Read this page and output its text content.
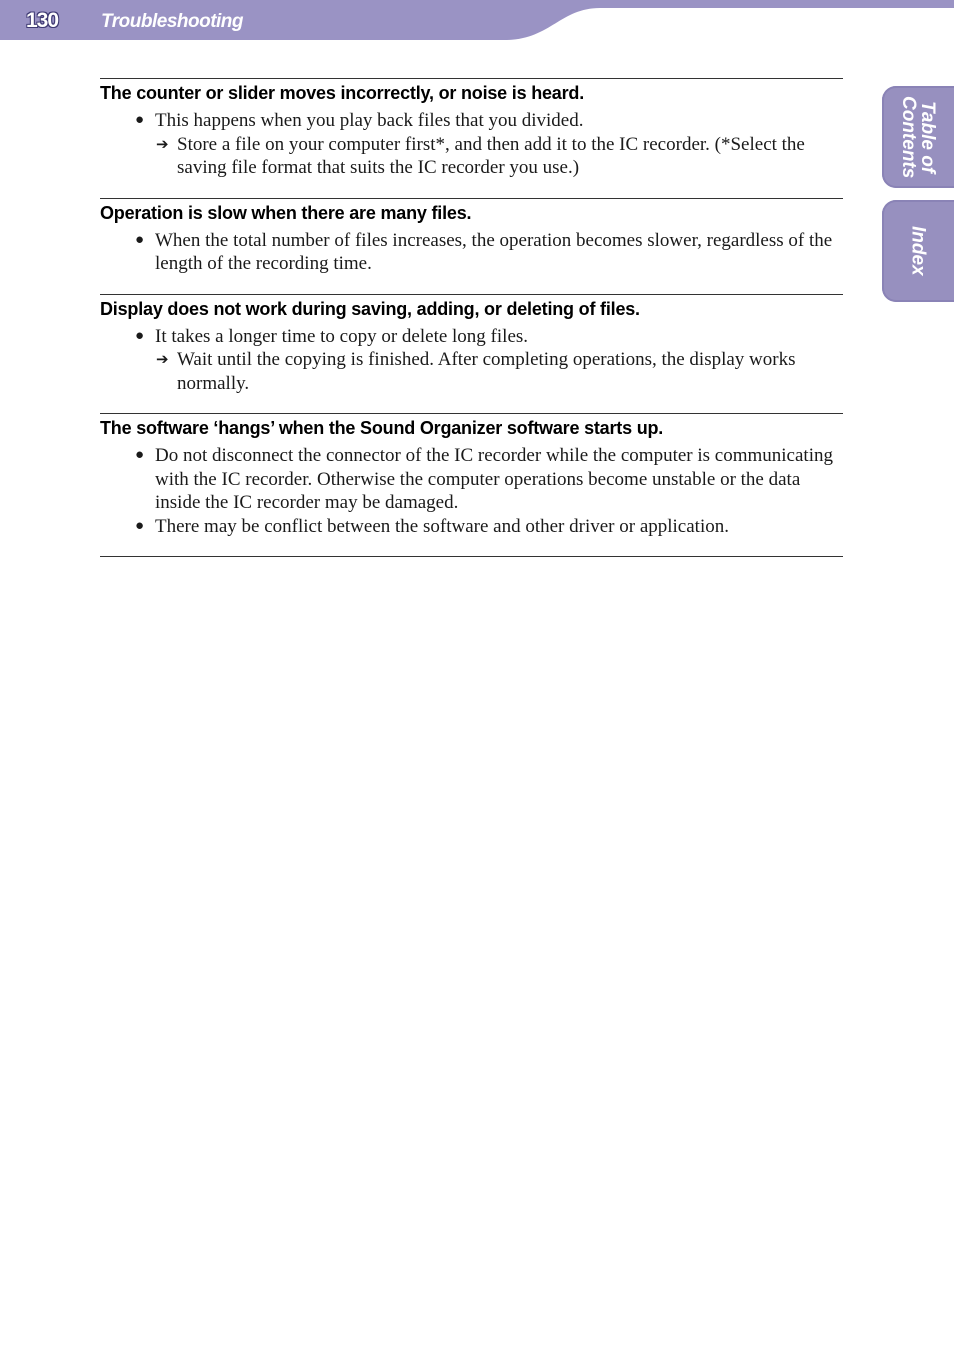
130 Troubleshooting
Table of
Contents
Index
The counter or slider moves incorrectly, or noise is heard.
● This happens when you play back files that you divided.
➔ Store a file on your computer first*, and then add it to the IC recorder. (*Select the saving file format that suits the IC recorder you use.)
Operation is slow when there are many files.
● When the total number of files increases, the operation becomes slower, regardless of the length of the recording time.
Display does not work during saving, adding, or deleting of files.
● It takes a longer time to copy or delete long files.
➔ Wait until the copying is finished. After completing operations, the display works normally.
The software ‘hangs’ when the Sound Organizer software starts up.
● Do not disconnect the connector of the IC recorder while the computer is communicating with the IC recorder. Otherwise the computer operations become unstable or the data inside the IC recorder may be damaged.
● There may be conflict between the software and other driver or application.
